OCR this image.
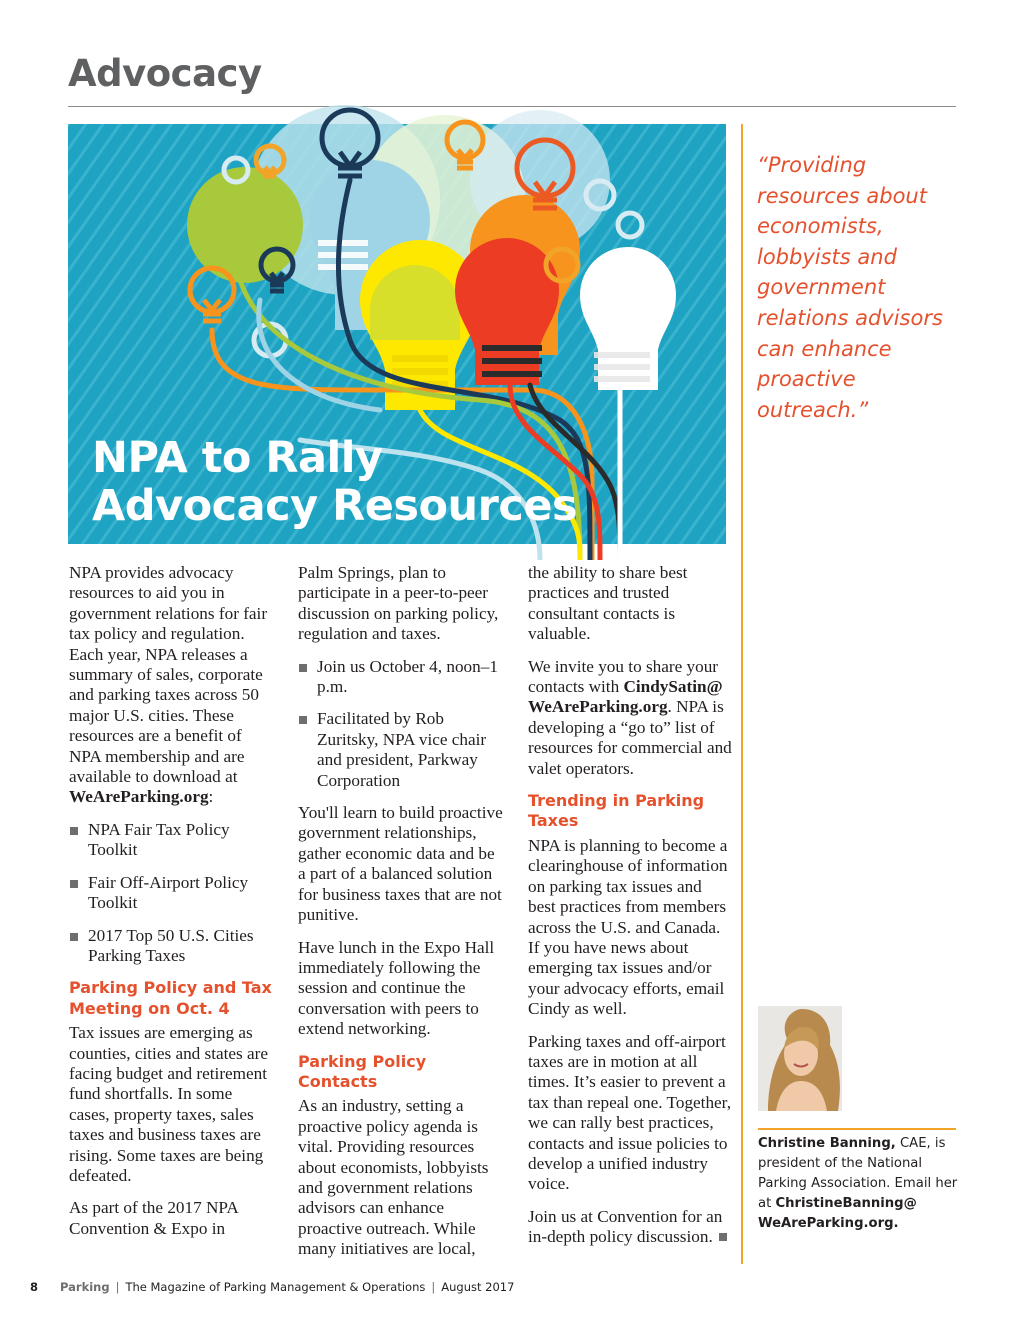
Advocacy
NPA to Rally
Advocacy Resources

“Providing resources about economists, lobbyists and government relations advisors can enhance proactive outreach.”

NPA provides advocacy resources to aid you in government relations for fair tax policy and regulation. Each year, NPA releases a summary of sales, corporate and parking taxes across 50 major U.S. cities. These resources are a benefit of NPA membership and are available to download at WeAreParking.org:

NPA Fair Tax Policy Toolkit
Fair Off-Airport Policy Toolkit
2017 Top 50 U.S. Cities Parking Taxes
Parking Policy and Tax Meeting on Oct. 4

Tax issues are emerging as counties, cities and states are facing budget and retirement fund shortfalls. In some cases, property taxes, sales taxes and business taxes are rising. Some taxes are being defeated.

As part of the 2017 NPA Convention & Expo in

Palm Springs, plan to participate in a peer-to-peer discussion on parking policy, regulation and taxes.

Join us October 4, noon–1 p.m.
Facilitated by Rob Zuritsky, NPA vice chair and president, Parkway Corporation

You'll learn to build proactive government relationships, gather economic data and be a part of a balanced solution for business taxes that are not punitive.

Have lunch in the Expo Hall immediately following the session and continue the conversation with peers to extend networking.

Parking Policy Contacts

As an industry, setting a proactive policy agenda is vital. Providing resources about economists, lobbyists and government relations advisors can enhance proactive outreach. While many initiatives are local,

the ability to share best practices and trusted consultant contacts is valuable.

We invite you to share your contacts with CindySatin@ WeAreParking.org. NPA is developing a “go to” list of resources for commercial and valet operators.

Trending in Parking Taxes

NPA is planning to become a clearinghouse of information on parking tax issues and best practices from members across the U.S. and Canada. If you have news about emerging tax issues and/or your advocacy efforts, email Cindy as well.

Parking taxes and off-airport taxes are in motion at all times. It’s easier to prevent a tax than repeal one. Together, we can rally best practices, contacts and issue policies to develop a unified industry voice.

Join us at Convention for an in-depth policy discussion.

Christine Banning, CAE, is president of the National Parking Association. Email her at ChristineBanning@ WeAreParking.org.

8 Parking | The Magazine of Parking Management & Operations | August 2017
